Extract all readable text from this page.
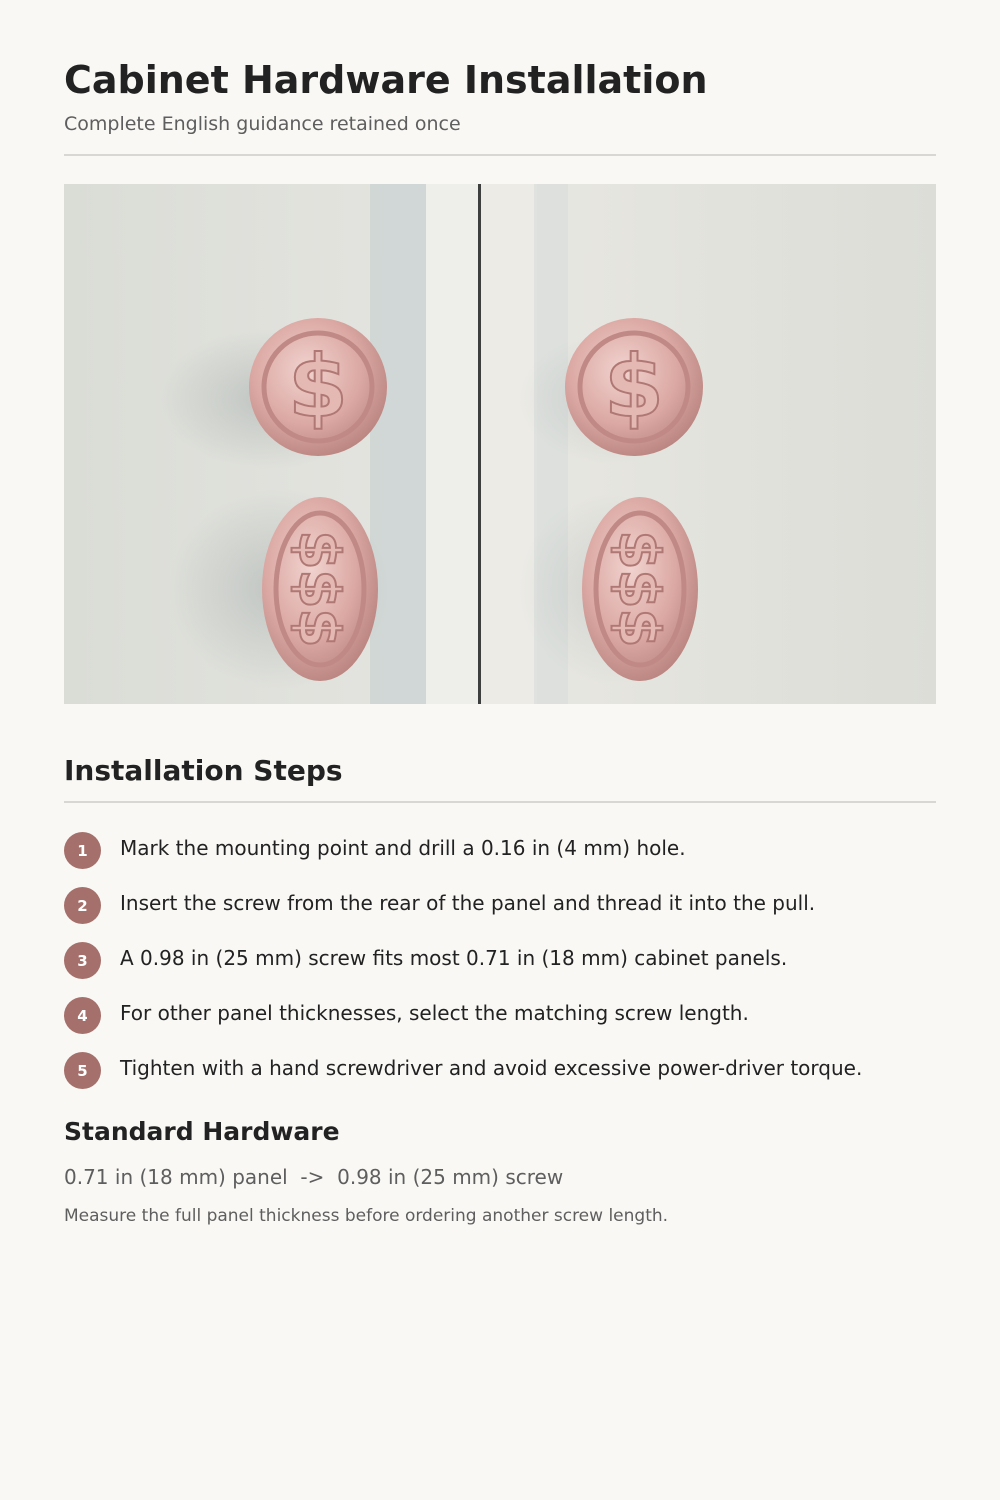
Cabinet Hardware Installation
Complete English guidance retained once
$
$$$
$
$$$
Installation Steps
1	Mark the mounting point and drill a 0.16 in (4 mm) hole.
2	Insert the screw from the rear of the panel and thread it into the pull.
3	A 0.98 in (25 mm) screw fits most 0.71 in (18 mm) cabinet panels.
4	For other panel thicknesses, select the matching screw length.
5	Tighten with a hand screwdriver and avoid excessive power-driver torque.
Standard Hardware
0.71 in (18 mm) panel  ->  0.98 in (25 mm) screw
Measure the full panel thickness before ordering another screw length.
